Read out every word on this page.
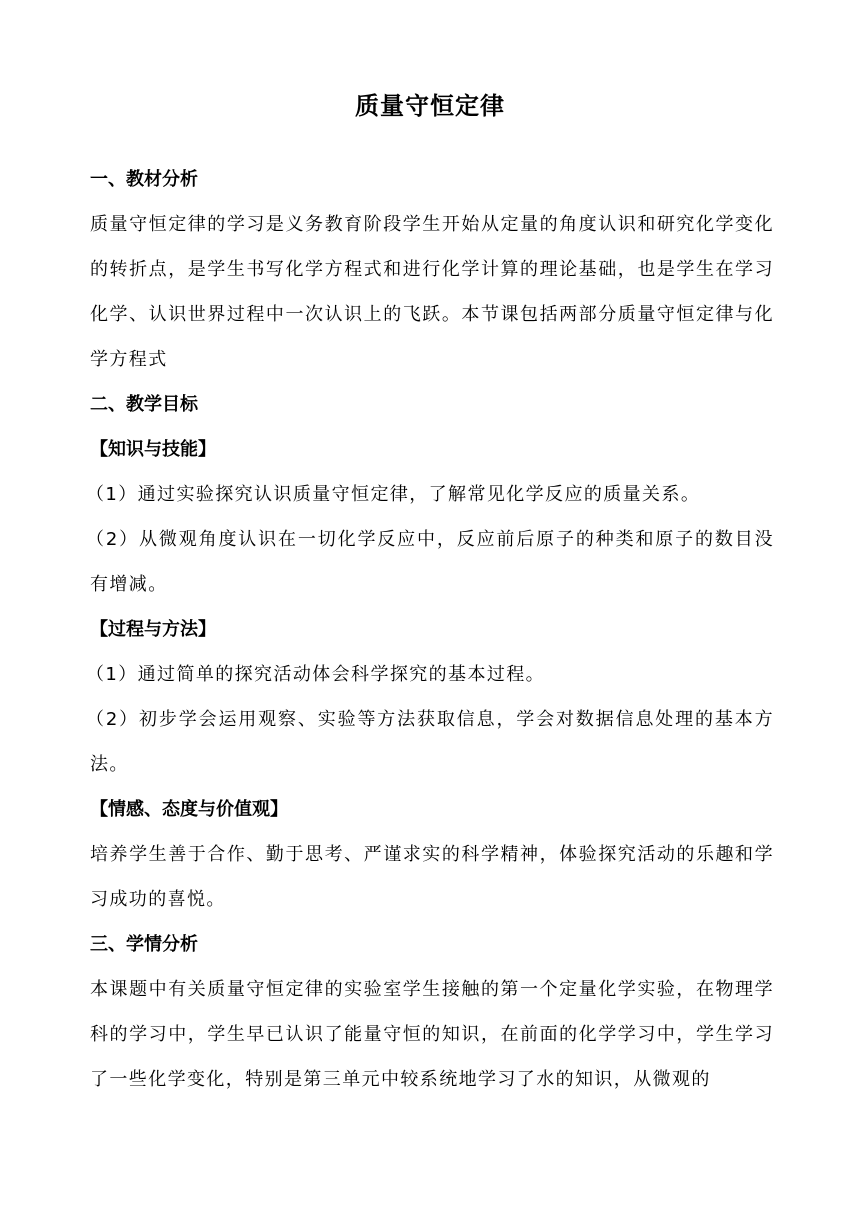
质量守恒定律
一、教材分析
质量守恒定律的学习是义务教育阶段学生开始从定量的角度认识和研究化学变化的转折点，是学生书写化学方程式和进行化学计算的理论基础，也是学生在学习化学、认识世界过程中一次认识上的飞跃。本节课包括两部分质量守恒定律与化学方程式
二、教学目标
【知识与技能】
（1）通过实验探究认识质量守恒定律，了解常见化学反应的质量关系。
（2）从微观角度认识在一切化学反应中，反应前后原子的种类和原子的数目没有增减。
【过程与方法】
（1）通过简单的探究活动体会科学探究的基本过程。
（2）初步学会运用观察、实验等方法获取信息，学会对数据信息处理的基本方法。
【情感、态度与价值观】
培养学生善于合作、勤于思考、严谨求实的科学精神，体验探究活动的乐趣和学习成功的喜悦。
三、学情分析
本课题中有关质量守恒定律的实验室学生接触的第一个定量化学实验，在物理学科的学习中，学生早已认识了能量守恒的知识，在前面的化学学习中，学生学习了一些化学变化，特别是第三单元中较系统地学习了水的知识，从微观的
